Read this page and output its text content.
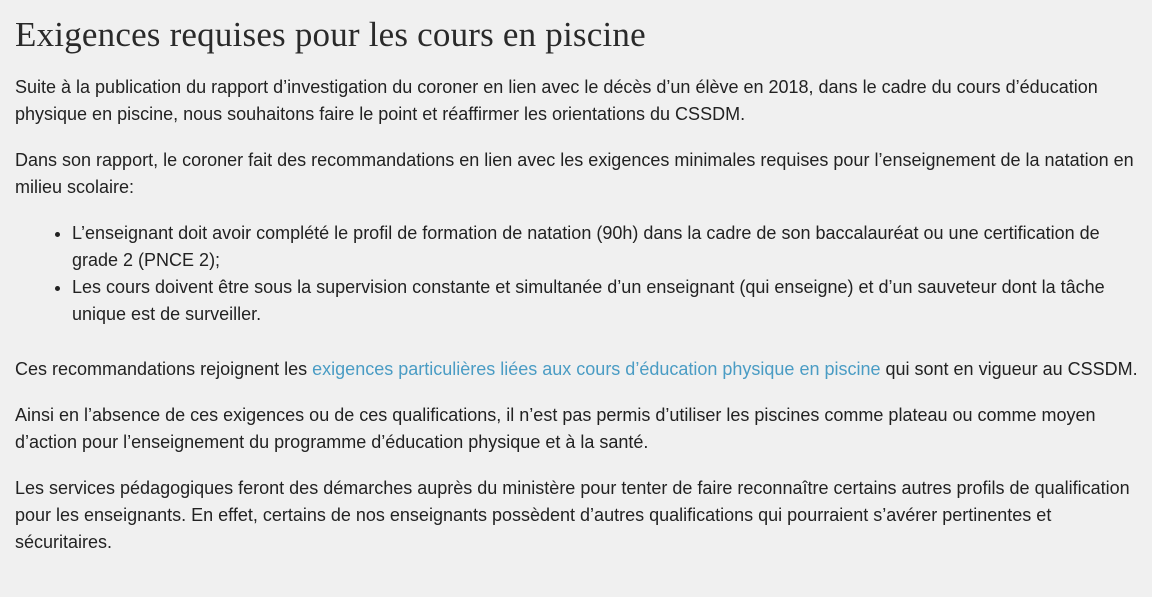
Exigences requises pour les cours en piscine

Suite à la publication du rapport d’investigation du coroner en lien avec le décès d’un élève en 2018, dans le cadre du cours d’éducation physique en piscine, nous souhaitons faire le point et réaffirmer les orientations du CSSDM.

Dans son rapport, le coroner fait des recommandations en lien avec les exigences minimales requises pour l’enseignement de la natation en milieu scolaire:

• L’enseignant doit avoir complété le profil de formation de natation (90h) dans la cadre de son baccalauréat ou une certification de grade 2 (PNCE 2);
• Les cours doivent être sous la supervision constante et simultanée d’un enseignant (qui enseigne) et d’un sauveteur dont la tâche unique est de surveiller.

Ces recommandations rejoignent les exigences particulières liées aux cours d’éducation physique en piscine qui sont en vigueur au CSSDM.

Ainsi en l’absence de ces exigences ou de ces qualifications, il n’est pas permis d’utiliser les piscines comme plateau ou comme moyen d’action pour l’enseignement du programme d’éducation physique et à la santé.

Les services pédagogiques feront des démarches auprès du ministère pour tenter de faire reconnaître certains autres profils de qualification pour les enseignants. En effet, certains de nos enseignants possèdent d’autres qualifications qui pourraient s’avérer pertinentes et sécuritaires.
